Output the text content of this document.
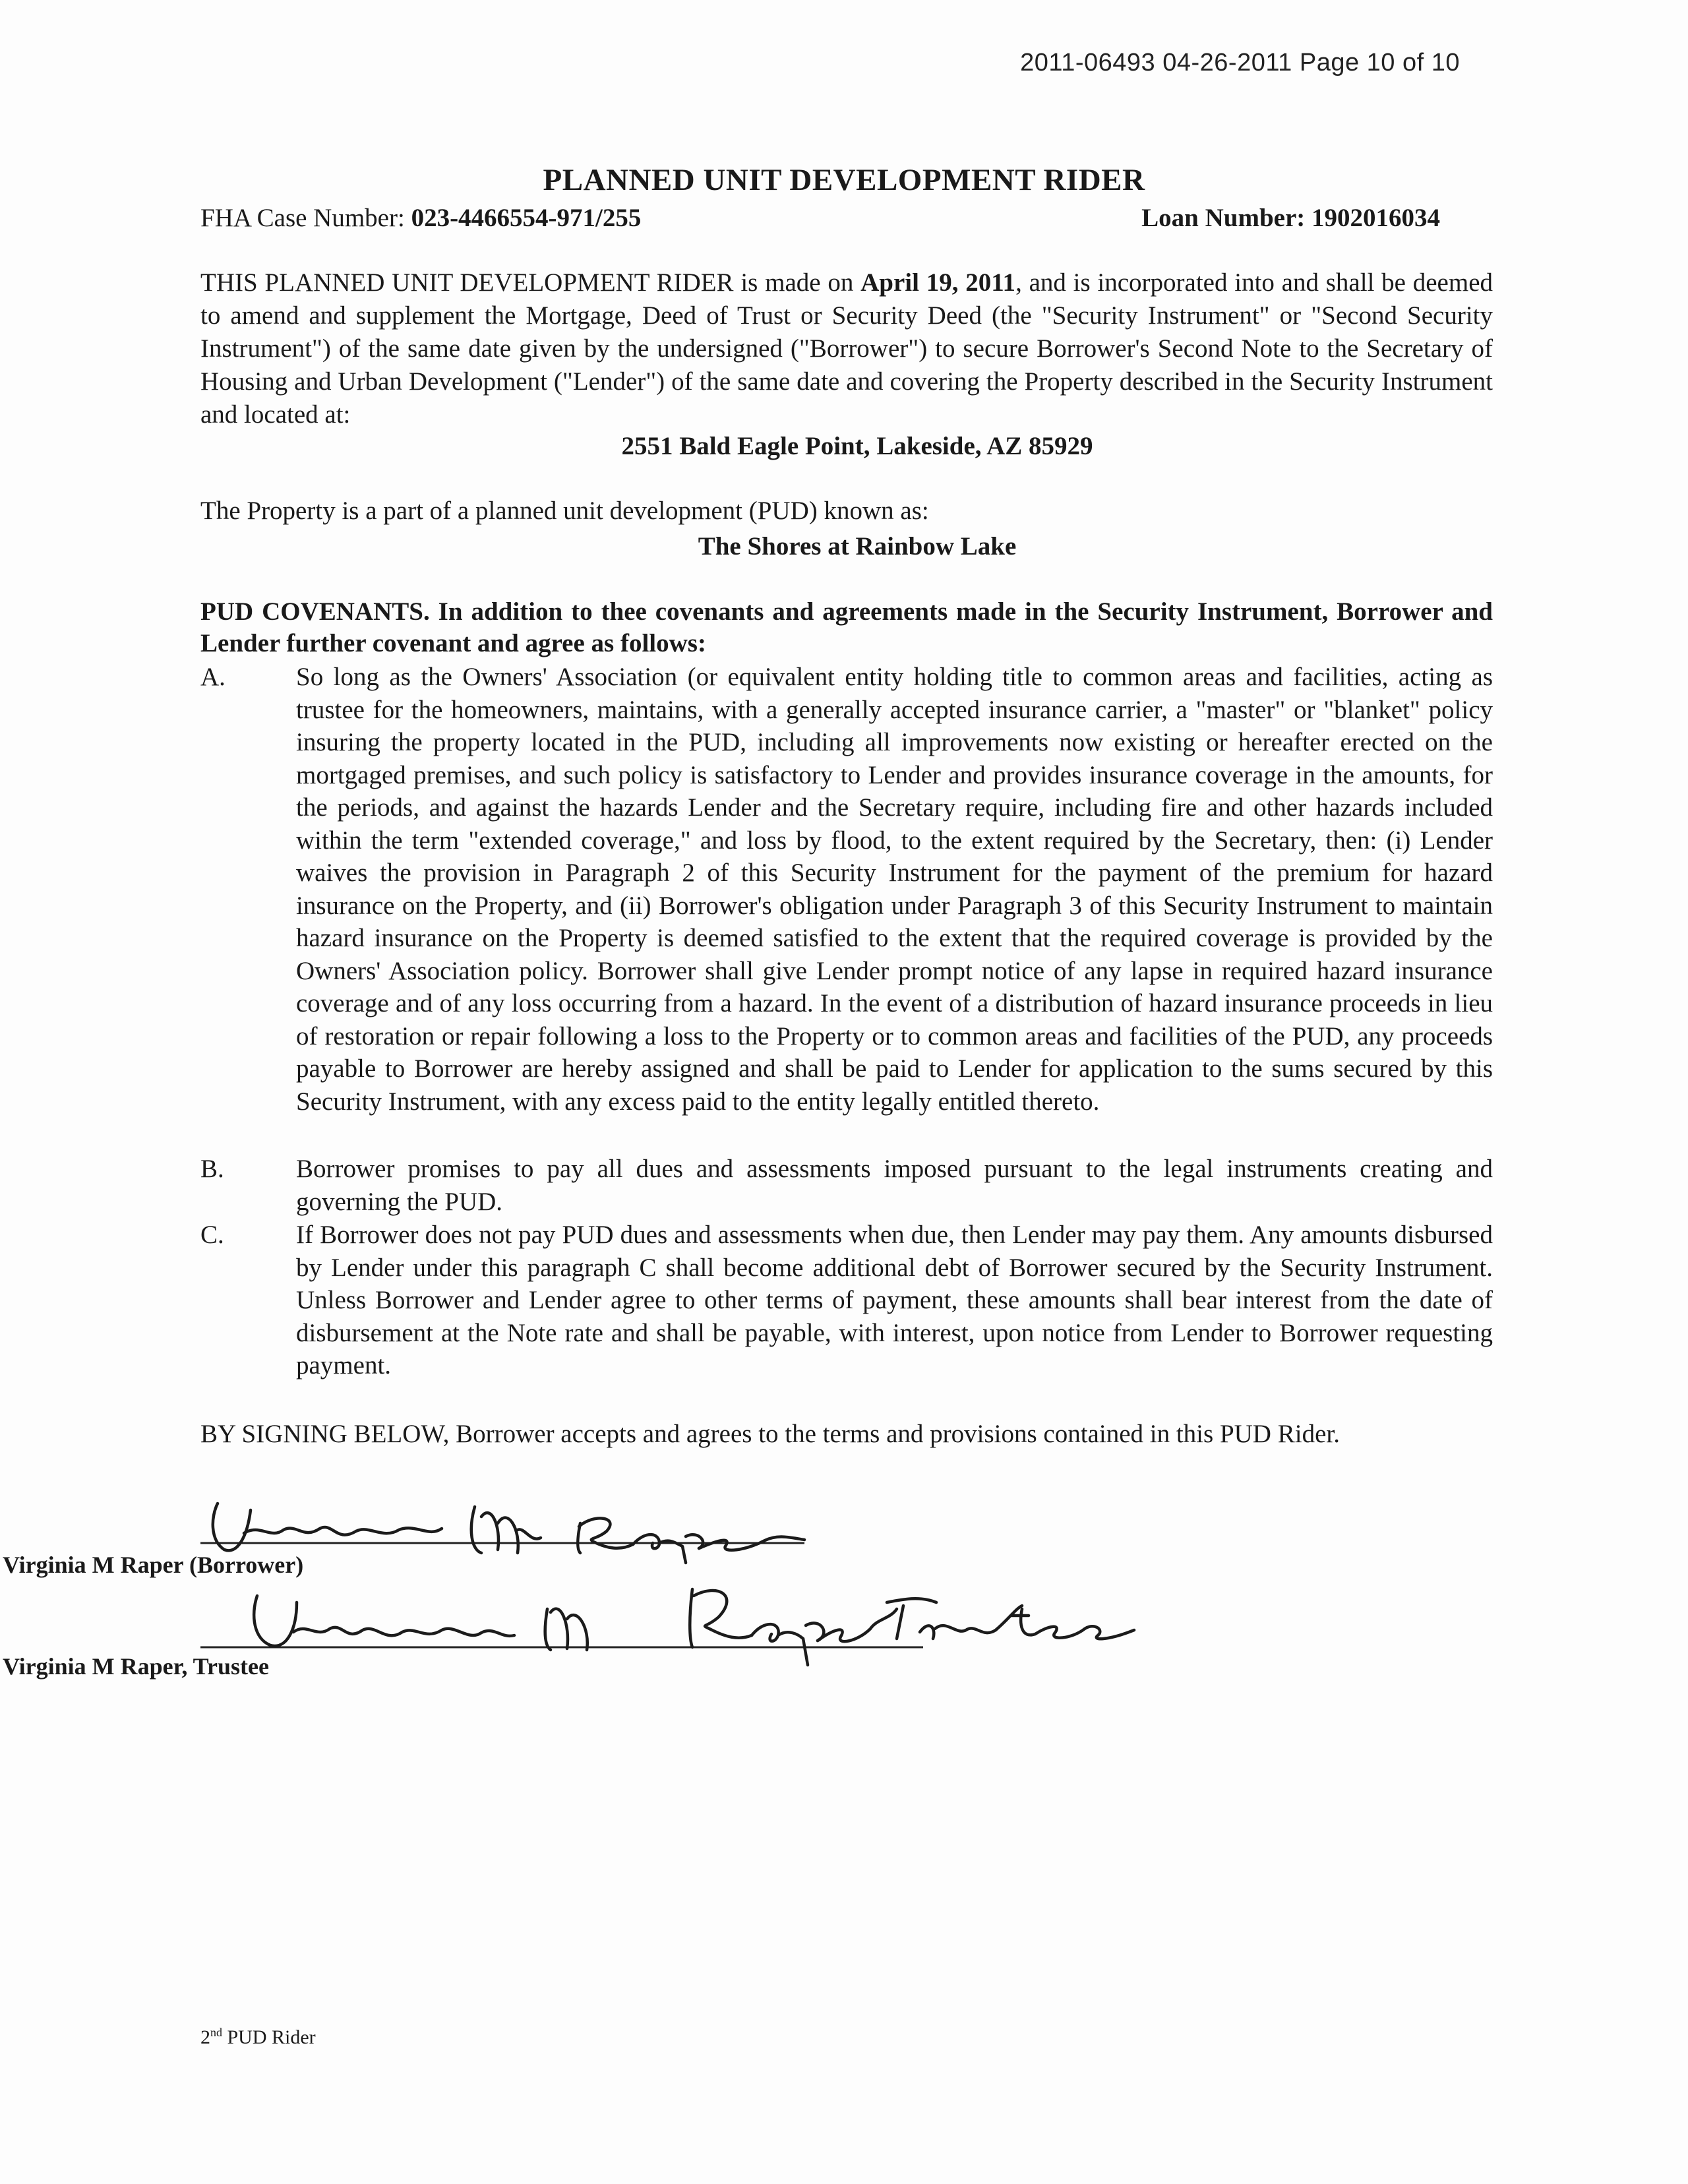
2011-06493 04-26-2011 Page 10 of 10
PLANNED UNIT DEVELOPMENT RIDER
FHA Case Number: 023-4466554-971/255	Loan Number: 1902016034
THIS PLANNED UNIT DEVELOPMENT RIDER is made on April 19, 2011, and is incorporated into and shall be deemed to amend and supplement the Mortgage, Deed of Trust or Security Deed (the "Security Instrument" or "Second Security Instrument") of the same date given by the undersigned ("Borrower") to secure Borrower's Second Note to the Secretary of Housing and Urban Development ("Lender") of the same date and covering the Property described in the Security Instrument and located at:
2551 Bald Eagle Point, Lakeside, AZ 85929
The Property is a part of a planned unit development (PUD) known as:
The Shores at Rainbow Lake
PUD COVENANTS. In addition to thee covenants and agreements made in the Security Instrument, Borrower and Lender further covenant and agree as follows:
A.	So long as the Owners' Association (or equivalent entity holding title to common areas and facilities, acting as trustee for the homeowners, maintains, with a generally accepted insurance carrier, a "master" or "blanket" policy insuring the property located in the PUD, including all improvements now existing or hereafter erected on the mortgaged premises, and such policy is satisfactory to Lender and provides insurance coverage in the amounts, for the periods, and against the hazards Lender and the Secretary require, including fire and other hazards included within the term "extended coverage," and loss by flood, to the extent required by the Secretary, then: (i) Lender waives the provision in Paragraph 2 of this Security Instrument for the payment of the premium for hazard insurance on the Property, and (ii) Borrower's obligation under Paragraph 3 of this Security Instrument to maintain hazard insurance on the Property is deemed satisfied to the extent that the required coverage is provided by the Owners' Association policy. Borrower shall give Lender prompt notice of any lapse in required hazard insurance coverage and of any loss occurring from a hazard. In the event of a distribution of hazard insurance proceeds in lieu of restoration or repair following a loss to the Property or to common areas and facilities of the PUD, any proceeds payable to Borrower are hereby assigned and shall be paid to Lender for application to the sums secured by this Security Instrument, with any excess paid to the entity legally entitled thereto.
B.	Borrower promises to pay all dues and assessments imposed pursuant to the legal instruments creating and governing the PUD.
C.	If Borrower does not pay PUD dues and assessments when due, then Lender may pay them. Any amounts disbursed by Lender under this paragraph C shall become additional debt of Borrower secured by the Security Instrument. Unless Borrower and Lender agree to other terms of payment, these amounts shall bear interest from the date of disbursement at the Note rate and shall be payable, with interest, upon notice from Lender to Borrower requesting payment.
BY SIGNING BELOW, Borrower accepts and agrees to the terms and provisions contained in this PUD Rider.
Virginia M Raper (Borrower)
Virginia M Raper, Trustee
2nd PUD Rider
